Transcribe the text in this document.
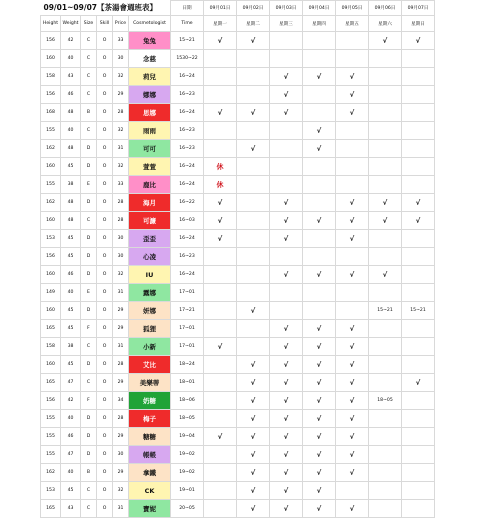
09/01~09/07【茶湯會週班表】						日期	09月01日	09月02日	09月03日	09月04日	09月05日	09月06日	09月07日
Height	Weight	Size	Skill	Price	Cosmetologist	Time	星期一	星期二	星期三	星期四	星期五	星期六	星期日
156	42	C	O	33	兔兔	15~21	√	√				√	√
160	40	C	O	30	念慈	1530~22							
158	43	C	O	32	莉兒	16~24			√	√	√		
156	46	C	O	29	娜娜	16~23			√		√		
168	48	B	O	28	思娜	16~24	√	√	√		√		
155	40	C	O	32	雨雨	16~23				√			
162	48	D	O	31	可可	16~23		√		√			
160	45	D	O	32	萱萱	16~24	休						
155	38	E	O	33	鹿比	16~24	休						
162	48	D	O	28	海月	16~22	√		√		√	√	√
160	48	C	O	28	可濂	16~03	√		√	√	√	√	√
153	45	D	O	30	歪歪	16~24	√		√		√		
156	45	D	O	30	心凌	16~23							
160	46	D	O	32	IU	16~24			√	√	√	√	
149	40	E	O	31	露娜	17~01							
160	45	D	O	29	妍娜	17~21		√				15~21	15~21
165	45	F	O	29	狐狸	17~01			√	√	√		
158	38	C	O	31	小新	17~01	√		√	√	√		
160	45	D	O	28	艾比	18~24		√	√	√	√		
165	47	C	O	29	美樂蒂	18~01		√	√	√	√		√
156	42	F	O	34	奶糖	18~06		√	√	√	√	18~05	
155	40	D	O	28	梅子	18~05		√	√	√	√		
155	46	D	O	29	糖糖	19~04	√	√	√	√	√		
155	47	D	O	30	帳帳	19~02		√	√	√	√		
162	40	B	O	29	拿鐵	19~02		√	√	√	√		
153	45	C	O	32	CK	19~01		√	√	√			
165	43	C	O	31	寶妮	20~05		√	√	√	√		
